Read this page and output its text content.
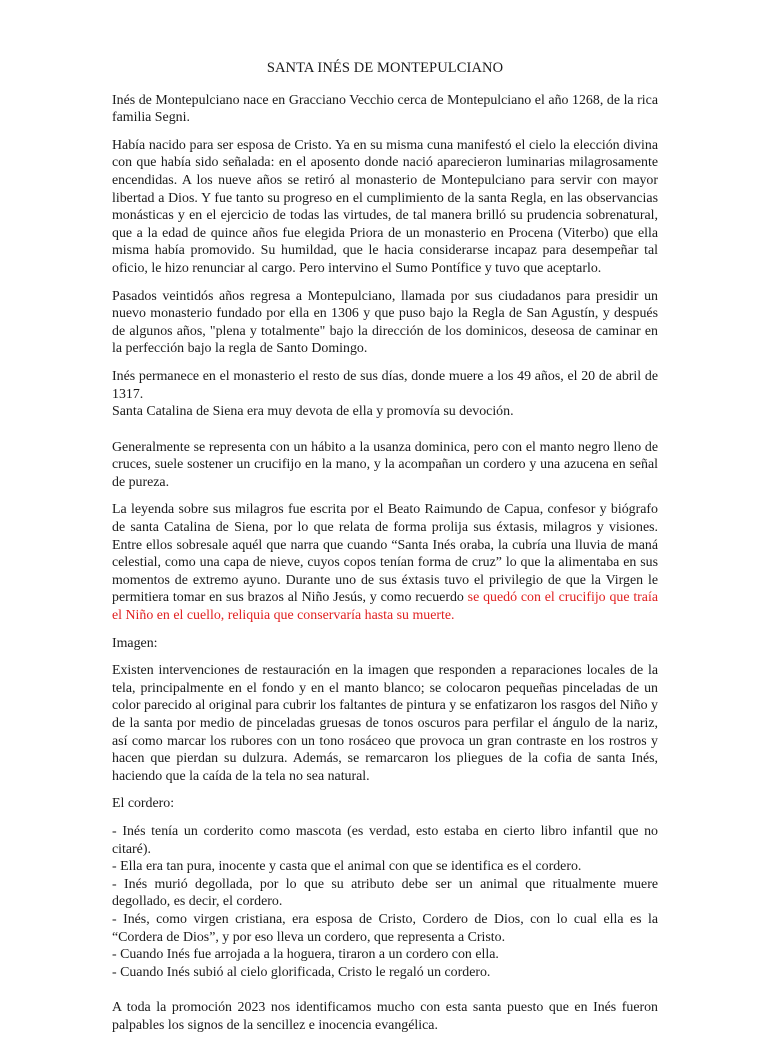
SANTA INÉS DE MONTEPULCIANO

Inés de Montepulciano nace en Gracciano Vecchio cerca de Montepulciano el año 1268, de la rica familia Segni.

Había nacido para ser esposa de Cristo. Ya en su misma cuna manifestó el cielo la elección divina con que había sido señalada: en el aposento donde nació aparecieron luminarias milagrosamente encendidas. A los nueve años se retiró al monasterio de Montepulciano para servir con mayor libertad a Dios. Y fue tanto su progreso en el cumplimiento de la santa Regla, en las observancias monásticas y en el ejercicio de todas las virtudes, de tal manera brilló su prudencia sobrenatural, que a la edad de quince años fue elegida Priora de un monasterio en Procena (Viterbo) que ella misma había promovido. Su humildad, que le hacia considerarse incapaz para desempeñar tal oficio, le hizo renunciar al cargo. Pero intervino el Sumo Pontífice y tuvo que aceptarlo.

Pasados veintidós años regresa a Montepulciano, llamada por sus ciudadanos para presidir un nuevo monasterio fundado por ella en 1306 y que puso bajo la Regla de San Agustín, y después de algunos años, "plena y totalmente" bajo la dirección de los dominicos, deseosa de caminar en la perfección bajo la regla de Santo Domingo.

Inés permanece en el monasterio el resto de sus días, donde muere a los 49 años, el 20 de abril de 1317.
Santa Catalina de Siena era muy devota de ella y promovía su devoción.

Generalmente se representa con un hábito a la usanza dominica, pero con el manto negro lleno de cruces, suele sostener un crucifijo en la mano, y la acompañan un cordero y una azucena en señal de pureza.

La leyenda sobre sus milagros fue escrita por el Beato Raimundo de Capua, confesor y biógrafo de santa Catalina de Siena, por lo que relata de forma prolija sus éxtasis, milagros y visiones. Entre ellos sobresale aquél que narra que cuando “Santa Inés oraba, la cubría una lluvia de maná celestial, como una capa de nieve, cuyos copos tenían forma de cruz” lo que la alimentaba en sus momentos de extremo ayuno. Durante uno de sus éxtasis tuvo el privilegio de que la Virgen le permitiera tomar en sus brazos al Niño Jesús, y como recuerdo se quedó con el crucifijo que traía el Niño en el cuello, reliquia que conservaría hasta su muerte.

Imagen:

Existen intervenciones de restauración en la imagen que responden a reparaciones locales de la tela, principalmente en el fondo y en el manto blanco; se colocaron pequeñas pinceladas de un color parecido al original para cubrir los faltantes de pintura y se enfatizaron los rasgos del Niño y de la santa por medio de pinceladas gruesas de tonos oscuros para perfilar el ángulo de la nariz, así como marcar los rubores con un tono rosáceo que provoca un gran contraste en los rostros y hacen que pierdan su dulzura. Además, se remarcaron los pliegues de la cofia de santa Inés, haciendo que la caída de la tela no sea natural.

El cordero:

- Inés tenía un corderito como mascota (es verdad, esto estaba en cierto libro infantil que no citaré).
- Ella era tan pura, inocente y casta que el animal con que se identifica es el cordero.
- Inés murió degollada, por lo que su atributo debe ser un animal que ritualmente muere degollado, es decir, el cordero.
- Inés, como virgen cristiana, era esposa de Cristo, Cordero de Dios, con lo cual ella es la “Cordera de Dios”, y por eso lleva un cordero, que representa a Cristo.
- Cuando Inés fue arrojada a la hoguera, tiraron a un cordero con ella.
- Cuando Inés subió al cielo glorificada, Cristo le regaló un cordero.

A toda la promoción 2023 nos identificamos mucho con esta santa puesto que en Inés fueron palpables los signos de la sencillez e inocencia evangélica.
